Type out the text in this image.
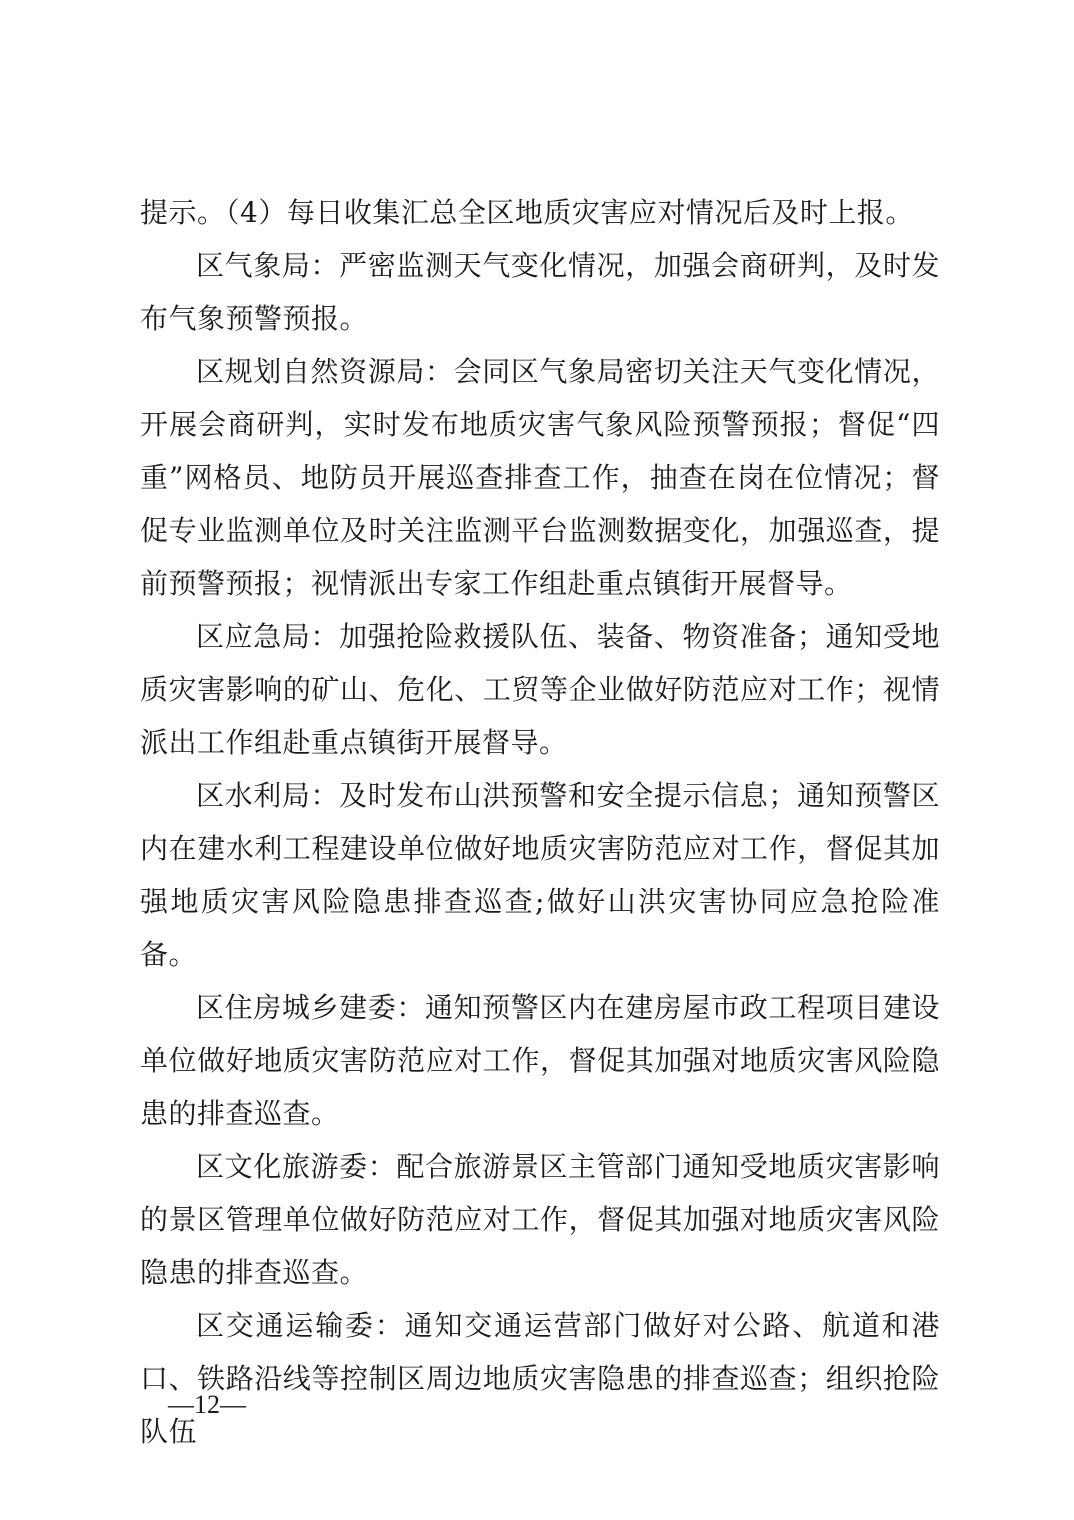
提示。（4）每日收集汇总全区地质灾害应对情况后及时上报。

区气象局：严密监测天气变化情况，加强会商研判，及时发布气象预警预报。

区规划自然资源局：会同区气象局密切关注天气变化情况，开展会商研判，实时发布地质灾害气象风险预警预报；督促“四重”网格员、地防员开展巡查排查工作，抽查在岗在位情况；督促专业监测单位及时关注监测平台监测数据变化，加强巡查，提前预警预报；视情派出专家工作组赴重点镇街开展督导。

区应急局：加强抢险救援队伍、装备、物资准备；通知受地质灾害影响的矿山、危化、工贸等企业做好防范应对工作；视情派出工作组赴重点镇街开展督导。

区水利局：及时发布山洪预警和安全提示信息；通知预警区内在建水利工程建设单位做好地质灾害防范应对工作，督促其加强地质灾害风险隐患排查巡查;做好山洪灾害协同应急抢险准备。

区住房城乡建委：通知预警区内在建房屋市政工程项目建设单位做好地质灾害防范应对工作，督促其加强对地质灾害风险隐患的排查巡查。

区文化旅游委：配合旅游景区主管部门通知受地质灾害影响的景区管理单位做好防范应对工作，督促其加强对地质灾害风险隐患的排查巡查。

区交通运输委：通知交通运营部门做好对公路、航道和港口、铁路沿线等控制区周边地质灾害隐患的排查巡查；组织抢险队伍

—12—
